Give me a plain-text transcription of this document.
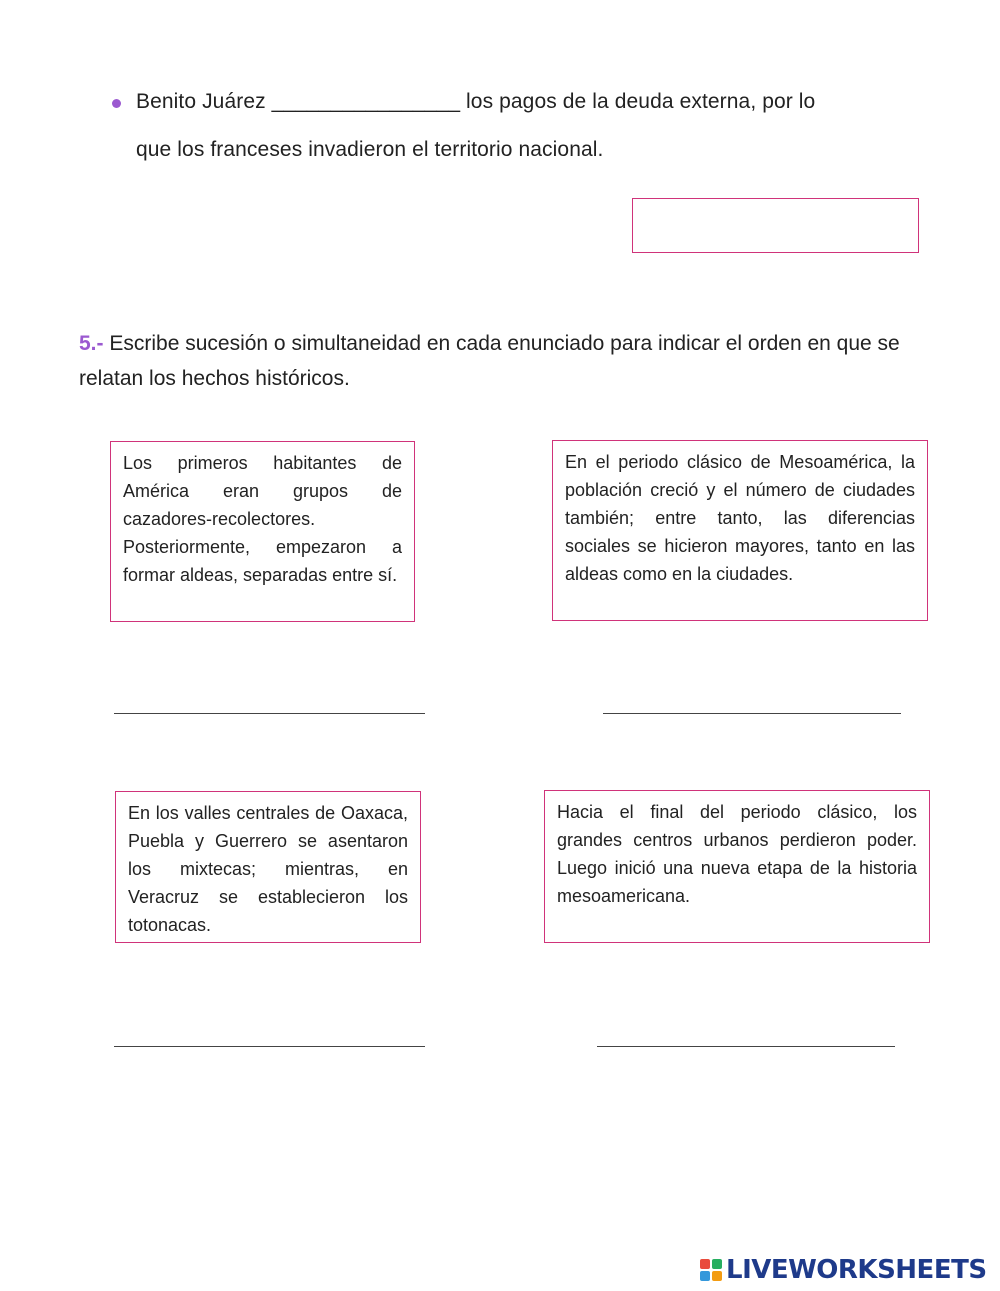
Benito Juárez ________________ los pagos de la deuda externa, por lo
que los franceses invadieron el territorio nacional.
5.- Escribe sucesión o simultaneidad en cada enunciado para indicar el orden en que se relatan los hechos históricos.

Los primeros habitantes de América eran grupos de cazadores-recolectores.

Posteriormente, empezaron a formar aldeas, separadas entre sí.

En el periodo clásico de Mesoamérica, la población creció y el número de ciudades también; entre tanto, las diferencias sociales se hicieron mayores, tanto en las aldeas como en la ciudades.

En los valles centrales de Oaxaca, Puebla y Guerrero se asentaron los mixtecas; mientras, en Veracruz se establecieron los totonacas.

Hacia el final del periodo clásico, los grandes centros urbanos perdieron poder. Luego inició una nueva etapa de la historia mesoamericana.

LIVEWORKSHEETS
